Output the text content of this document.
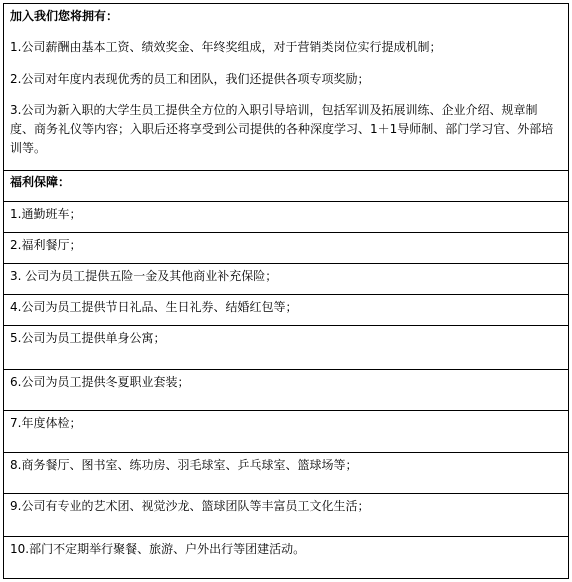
加入我们您将拥有：
1.公司薪酬由基本工资、绩效奖金、年终奖组成，对于营销类岗位实行提成机制；
2.公司对年度内表现优秀的员工和团队，我们还提供各项专项奖励；
3.公司为新入职的大学生员工提供全方位的入职引导培训，包括军训及拓展训练、企业介绍、规章制度、商务礼仪等内容；入职后还将享受到公司提供的各种深度学习、1＋1导师制、部门学习官、外部培训等。
福利保障：
1.通勤班车；
2.福利餐厅；
3. 公司为员工提供五险一金及其他商业补充保险；
4.公司为员工提供节日礼品、生日礼券、结婚红包等；
5.公司为员工提供单身公寓；
6.公司为员工提供冬夏职业套装；
7.年度体检；
8.商务餐厅、图书室、练功房、羽毛球室、乒乓球室、篮球场等；
9.公司有专业的艺术团、视觉沙龙、篮球团队等丰富员工文化生活；
10.部门不定期举行聚餐、旅游、户外出行等团建活动。
